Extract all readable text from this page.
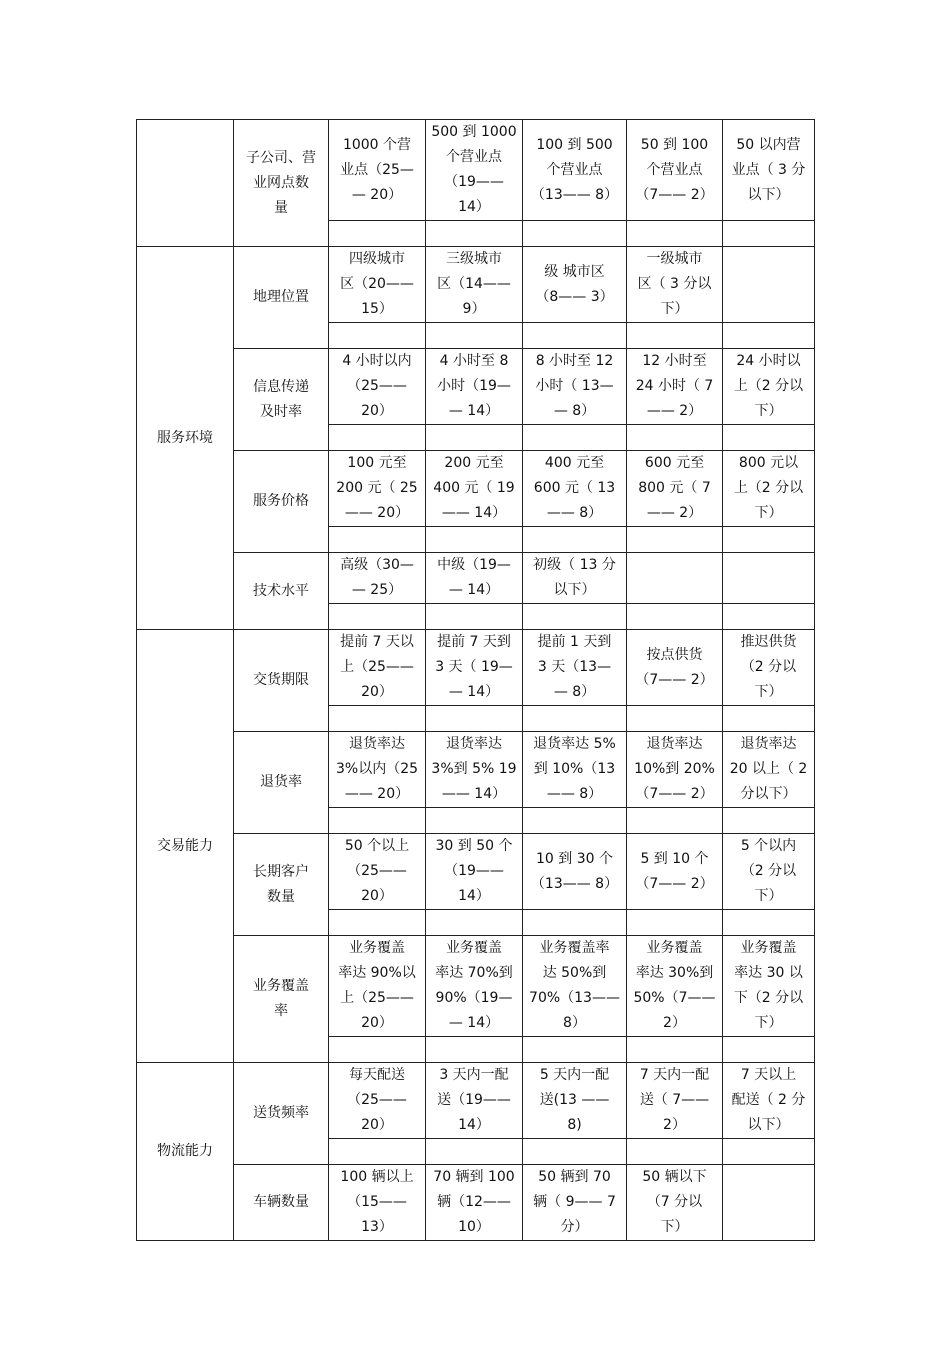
	子公司、营
业网点数
量	1000 个营
业点（25—
— 20）	500 到 1000
个营业点
（19——
14）	100 到 500
个营业点
（13—— 8）	50 到 100
个营业点
（7—— 2）	50 以内营
业点（ 3 分
以下）

服务环境	地理位置	四级城市
区（20——
15）	三级城市
区（14——
9）	级 城市区
（8—— 3）	一级城市
区（ 3 分以
下）	

	信息传递
及时率	4 小时以内
（25——
20）	4 小时至 8
小时（19—
— 14）	8 小时至 12
小时（ 13—
— 8）	12 小时至
24 小时（ 7
—— 2）	24 小时以
上（2 分以
下）

	服务价格	100 元至
200 元（ 25
—— 20）	200 元至
400 元（ 19
—— 14）	400 元至
600 元（ 13
—— 8）	600 元至
800 元（ 7
—— 2）	800 元以
上（2 分以
下）

	技术水平	高级（30—
— 25）	中级（19—
— 14）	初级（ 13 分
以下）		

交易能力	交货期限	提前 7 天以
上（25——
20）	提前 7 天到
3 天（ 19—
— 14）	提前 1 天到
3 天（13—
— 8）	按点供货
（7—— 2）	推迟供货
（2 分以
下）

	退货率	退货率达
3%以内（25
—— 20）	退货率达
3%到 5% 19
—— 14）	退货率达 5%
到 10%（13
—— 8）	退货率达
10%到 20%
（7—— 2）	退货率达
20 以上（ 2
分以下）

	长期客户
数量	50 个以上
（25——
20）	30 到 50 个
（19——
14）	10 到 30 个
（13—— 8）	5 到 10 个
（7—— 2）	5 个以内
（2 分以
下）

	业务覆盖
率	业务覆盖
率达 90%以
上（25——
20）	业务覆盖
率达 70%到
90%（19—
— 14）	业务覆盖率
达 50%到
70%（13——
8）	业务覆盖
率达 30%到
50%（7——
2）	业务覆盖
率达 30 以
下（2 分以
下）

物流能力	送货频率	每天配送
（25——
20）	3 天内一配
送（19——
14）	5 天内一配
送(13 ——
8)	7 天内一配
送（ 7——
2）	7 天以上
配送（ 2 分
以下）

	车辆数量	100 辆以上
（15——
13）	70 辆到 100
辆（12——
10）	50 辆到 70
辆（ 9—— 7
分）	50 辆以下
（7 分以
下）	
